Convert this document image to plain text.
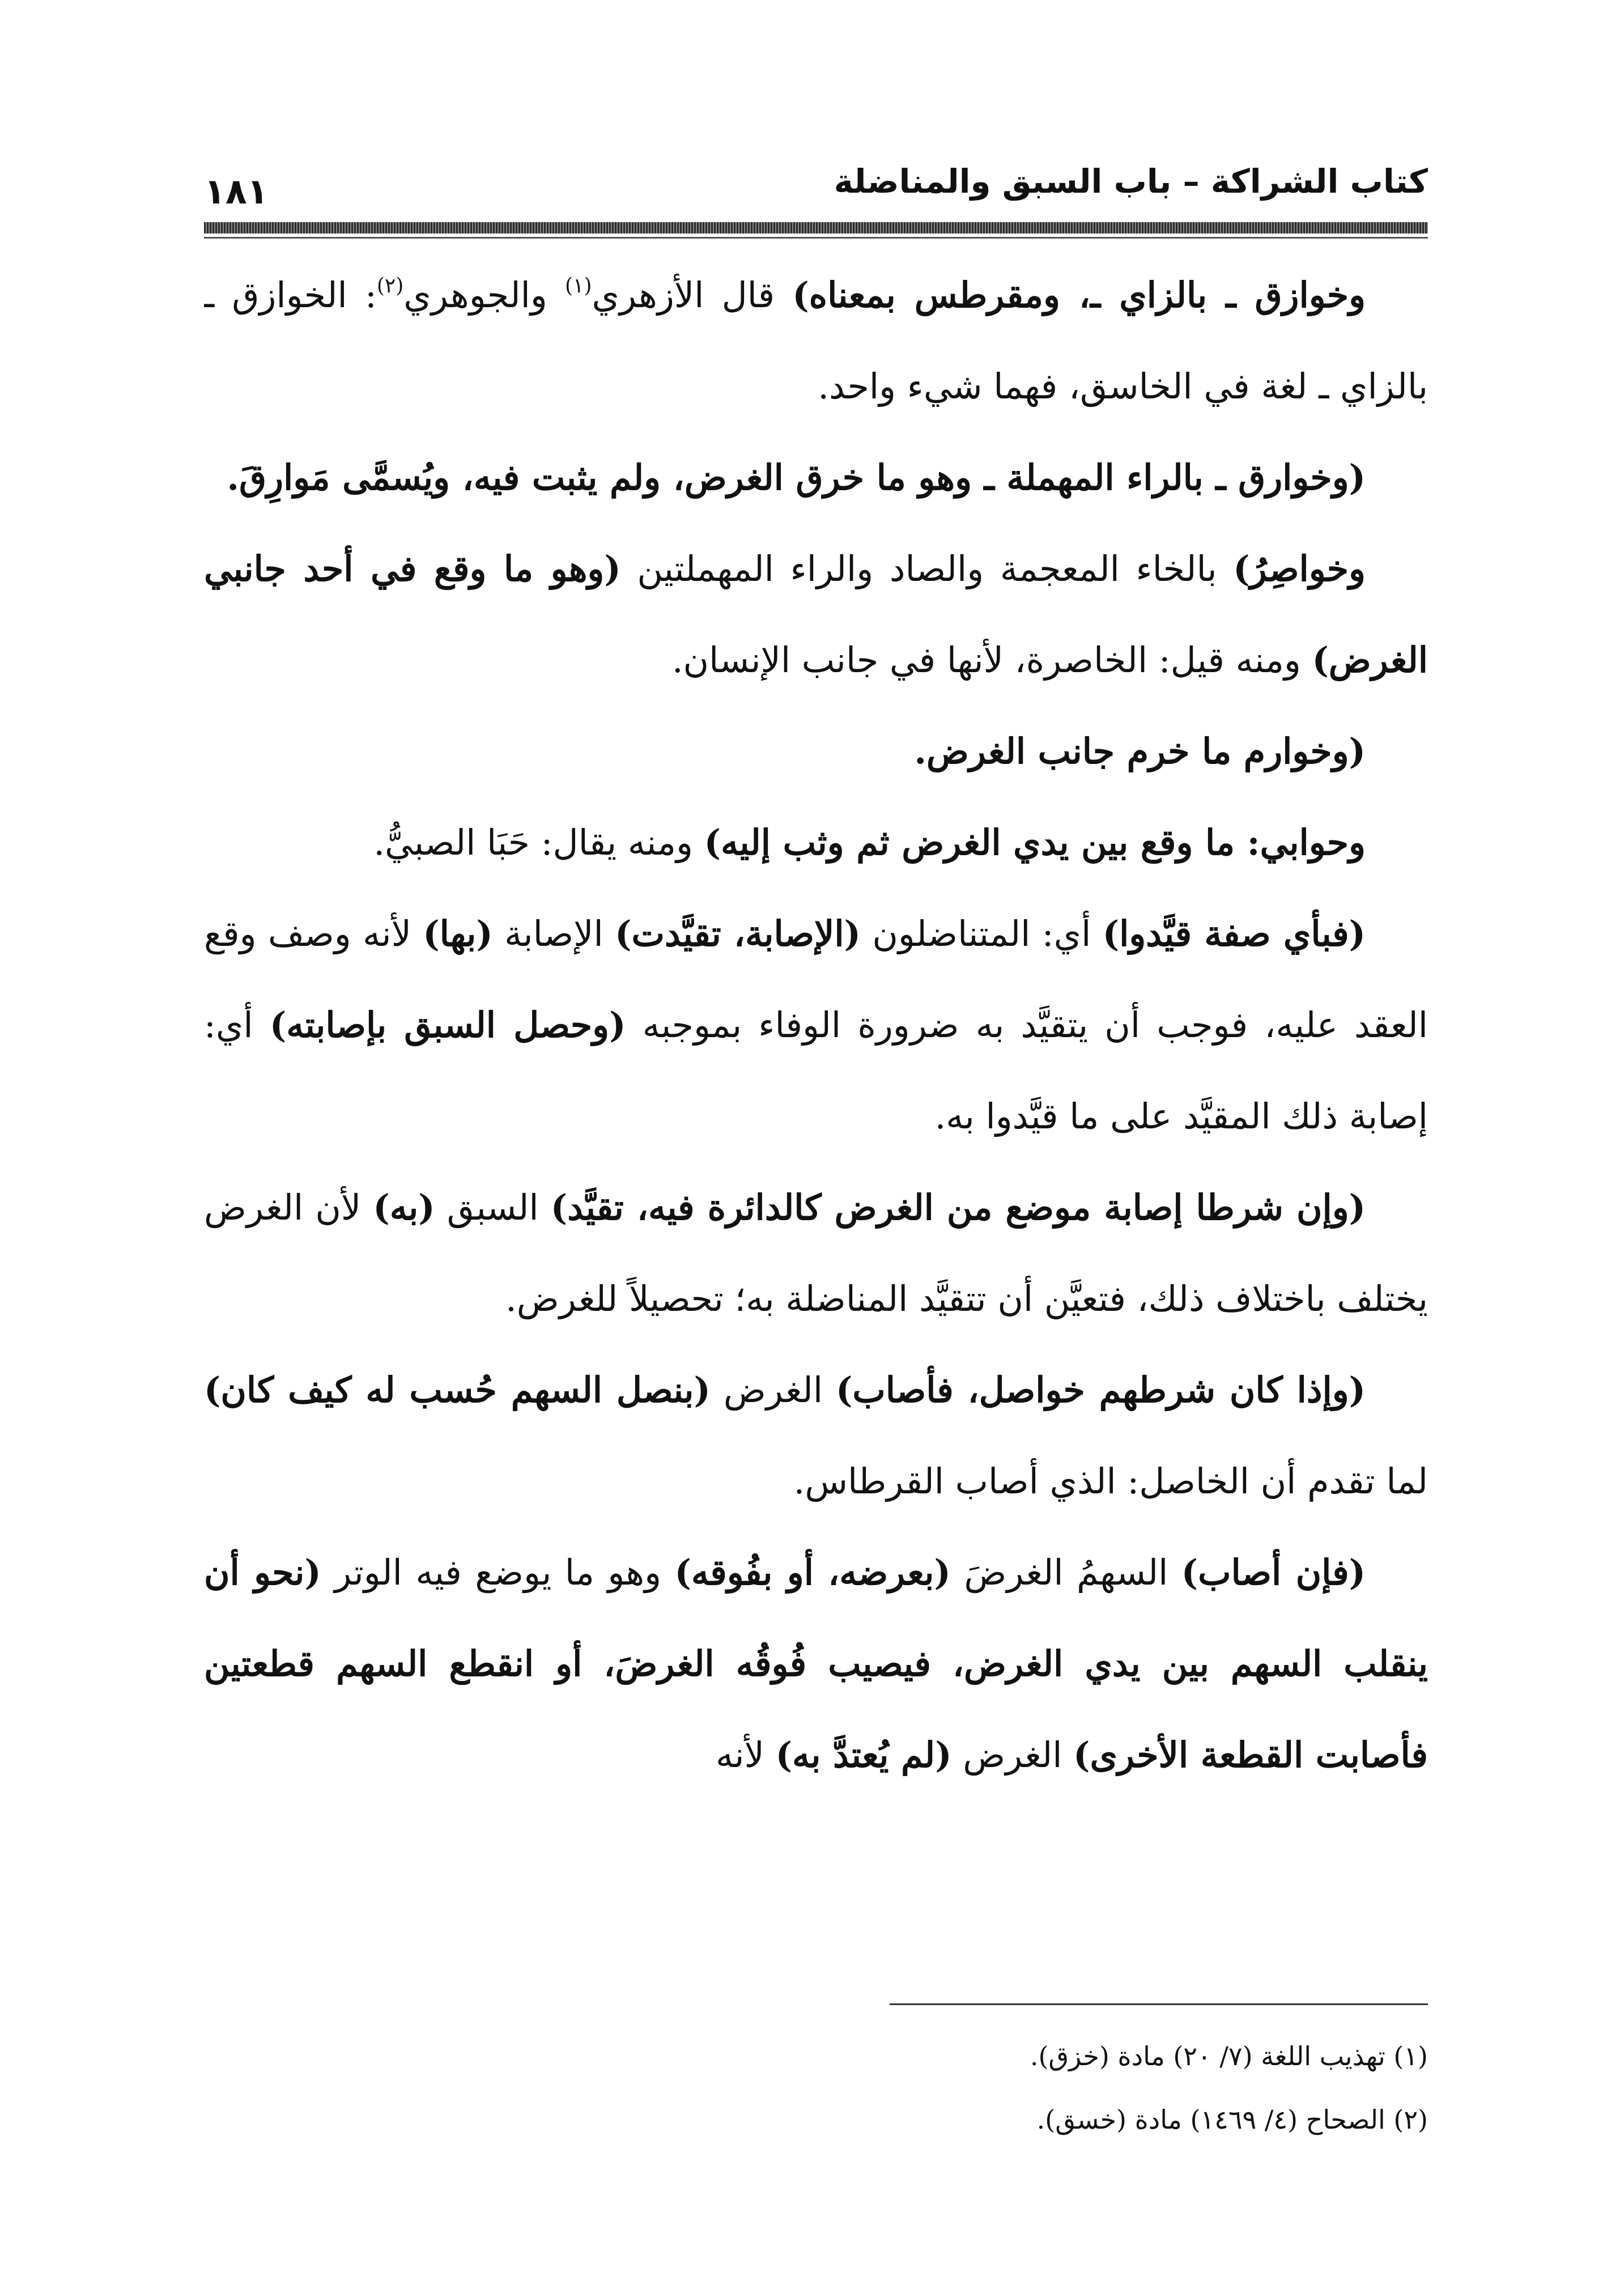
كتاب الشراكة – باب السبق والمناضلة
١٨١

وخوازق ـ بالزاي ـ، ومقرطس بمعناه) قال الأزهري$^{(١)}$ والجوهري$^{(٢)}$: الخوازق ـ بالزاي ـ لغة في الخاسق، فهما شيء واحد.

(وخوارق ـ بالراء المهملة ـ وهو ما خرق الغرض، ولم يثبت فيه، ويُسمَّى مَوارِقَ.

وخواصِرُ) بالخاء المعجمة والصاد والراء المهملتين (وهو ما وقع في أحد جانبي الغرض) ومنه قيل: الخاصرة، لأنها في جانب الإنسان.

(وخوارم ما خرم جانب الغرض.

وحوابي: ما وقع بين يدي الغرض ثم وثب إليه) ومنه يقال: حَبَا الصبيُّ.

(فبأي صفة قيَّدوا) أي: المتناضلون (الإصابة، تقيَّدت) الإصابة (بها) لأنه وصف وقع العقد عليه، فوجب أن يتقيَّد به ضرورة الوفاء بموجبه (وحصل السبق بإصابته) أي: إصابة ذلك المقيَّد على ما قيَّدوا به.

(وإن شرطا إصابة موضع من الغرض كالدائرة فيه، تقيَّد) السبق (به) لأن الغرض يختلف باختلاف ذلك، فتعيَّن أن تتقيَّد المناضلة به؛ تحصيلاً للغرض.

(وإذا كان شرطهم خواصل، فأصاب) الغرض (بنصل السهم حُسب له كيف كان) لما تقدم أن الخاصل: الذي أصاب القرطاس.

(فإن أصاب) السهمُ الغرضَ (بعرضه، أو بفُوقه) وهو ما يوضع فيه الوتر (نحو أن ينقلب السهم بين يدي الغرض، فيصيب فُوقُه الغرضَ، أو انقطع السهم قطعتين فأصابت القطعة الأخرى) الغرض (لم يُعتدَّ به) لأنه

(١) تهذيب اللغة (٧/ ٢٠) مادة (خزق).

(٢) الصحاح (٤/ ١٤٦٩) مادة (خسق).
